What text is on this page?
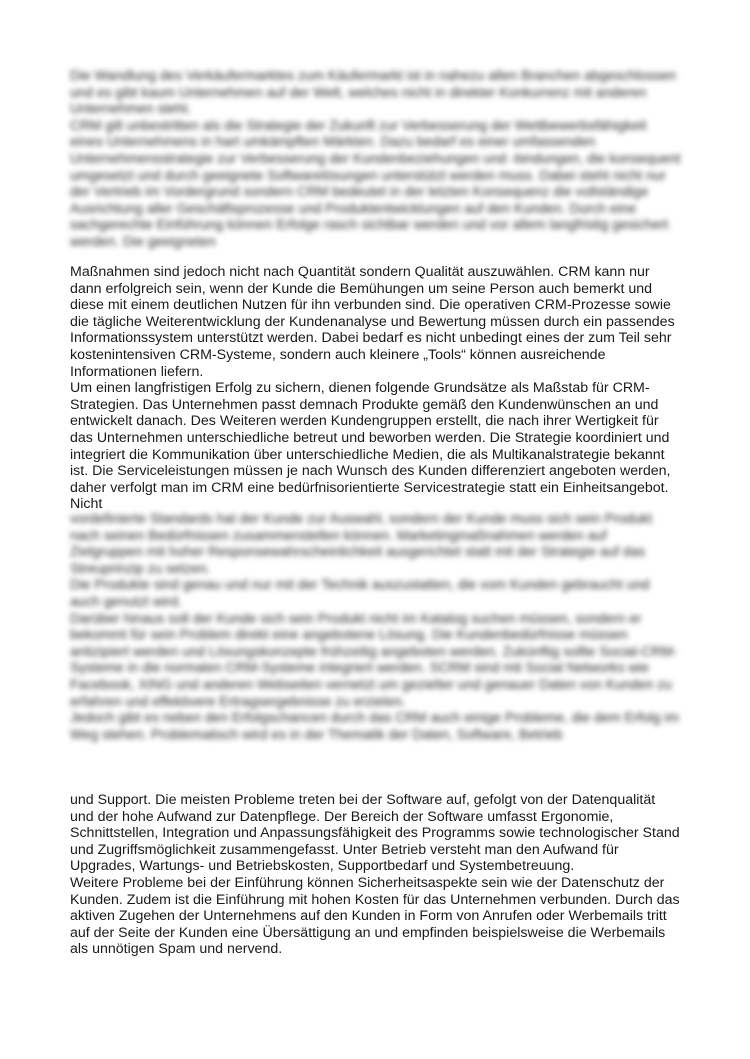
Die Wandlung des Verkäufermarktes zum Käufermarkt ist in nahezu allen Branchen abgeschlossen und es gibt kaum Unternehmen auf der Welt, welches nicht in direkter Konkurrenz mit anderen Unternehmen steht.

CRM gilt unbestritten als die Strategie der Zukunft zur Verbesserung der Wettbewerbsfähigkeit eines Unternehmens in hart umkämpften Märkten. Dazu bedarf es einer umfassenden Unternehmensstrategie zur Verbesserung der Kundenbeziehungen und -bindungen, die konsequent umgesetzt und durch geeignete Softwarelösungen unterstützt werden muss. Dabei steht nicht nur der Vertrieb im Vordergrund sondern CRM bedeutet in der letzten Konsequenz die vollständige Ausrichtung aller Geschäftsprozesse und Produktentwicklungen auf den Kunden. Durch eine sachgerechte Einführung können Erfolge rasch sichtbar werden und vor allem langfristig gesichert werden. Die geeigneten

Maßnahmen sind jedoch nicht nach Quantität sondern Qualität auszuwählen. CRM kann nur dann erfolgreich sein, wenn der Kunde die Bemühungen um seine Person auch bemerkt und diese mit einem deutlichen Nutzen für ihn verbunden sind. Die operativen CRM-Prozesse sowie die tägliche Weiterentwicklung der Kundenanalyse und Bewertung müssen durch ein passendes Informationssystem unterstützt werden. Dabei bedarf es nicht unbedingt eines der zum Teil sehr kostenintensiven CRM-Systeme, sondern auch kleinere „Tools“ können ausreichende Informationen liefern.

Um einen langfristigen Erfolg zu sichern, dienen folgende Grundsätze als Maßstab für CRM-Strategien. Das Unternehmen passt demnach Produkte gemäß den Kundenwünschen an und entwickelt danach. Des Weiteren werden Kundengruppen erstellt, die nach ihrer Wertigkeit für das Unternehmen unterschiedliche betreut und beworben werden. Die Strategie koordiniert und integriert die Kommunikation über unterschiedliche Medien, die als Multikanalstrategie bekannt ist. Die Serviceleistungen müssen je nach Wunsch des Kunden differenziert angeboten werden, daher verfolgt man im CRM eine bedürfnisorientierte Servicestrategie statt ein Einheitsangebot. Nicht

vordefinierte Standards hat der Kunde zur Auswahl, sondern der Kunde muss sich sein Produkt nach seinen Bedürfnissen zusammenstellen können. Marketingmaßnahmen werden auf Zielgruppen mit hoher Responsewahrscheinlichkeit ausgerichtet statt mit der Strategie auf das Streuprinzip zu setzen.

Die Produkte sind genau und nur mit der Technik auszustatten, die vom Kunden gebraucht und auch genutzt wird.

Darüber hinaus soll der Kunde sich sein Produkt nicht im Katalog suchen müssen, sondern er bekommt für sein Problem direkt eine angebotene Lösung. Die Kundenbedürfnisse müssen antizipiert werden und Lösungskonzepte frühzeitig angeboten werden. Zukünftig sollte Social-CRM-Systeme in die normalen CRM-Systeme integriert werden. SCRM sind mit Social Networks wie Facebook, XING und anderen Webseiten vernetzt um gezielter und genauer Daten von Kunden zu erfahren und effektivere Ertragsergebnisse zu erzielen.

Jedoch gibt es neben den Erfolgschancen durch das CRM auch einige Probleme, die dem Erfolg im Weg stehen. Problematisch wird es in der Thematik der Daten, Software, Betrieb

und Support. Die meisten Probleme treten bei der Software auf, gefolgt von der Datenqualität und der hohe Aufwand zur Datenpflege. Der Bereich der Software umfasst Ergonomie, Schnittstellen, Integration und Anpassungsfähigkeit des Programms sowie technologischer Stand und Zugriffsmöglichkeit zusammengefasst. Unter Betrieb versteht man den Aufwand für Upgrades, Wartungs- und Betriebskosten, Supportbedarf und Systembetreuung.

Weitere Probleme bei der Einführung können Sicherheitsaspekte sein wie der Datenschutz der Kunden. Zudem ist die Einführung mit hohen Kosten für das Unternehmen verbunden. Durch das aktiven Zugehen der Unternehmens auf den Kunden in Form von Anrufen oder Werbemails tritt auf der Seite der Kunden eine Übersättigung an und empfinden beispielsweise die Werbemails als unnötigen Spam und nervend.
